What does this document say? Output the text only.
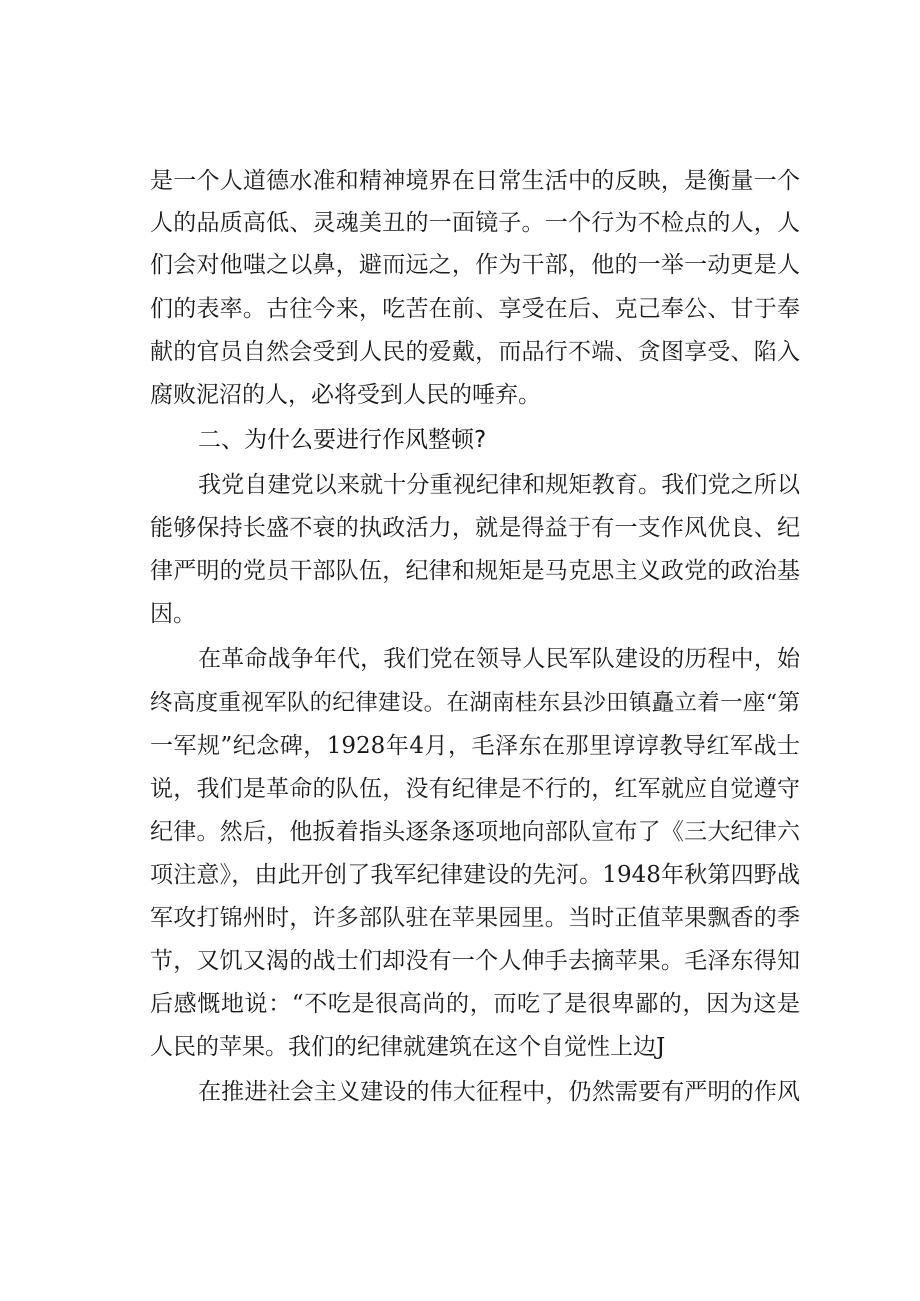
是一个人道德水准和精神境界在日常生活中的反映，是衡量一个
人的品质高低、灵魂美丑的一面镜子。一个行为不检点的人，人
们会对他嗤之以鼻，避而远之，作为干部，他的一举一动更是人
们的表率。古往今来，吃苦在前、享受在后、克己奉公、甘于奉
献的官员自然会受到人民的爱戴，而品行不端、贪图享受、陷入
腐败泥沼的人，必将受到人民的唾弃。
二、为什么要进行作风整顿?
我党自建党以来就十分重视纪律和规矩教育。我们党之所以
能够保持长盛不衰的执政活力，就是得益于有一支作风优良、纪
律严明的党员干部队伍，纪律和规矩是马克思主义政党的政治基
因。
在革命战争年代，我们党在领导人民军队建设的历程中，始
终高度重视军队的纪律建设。在湖南桂东县沙田镇矗立着一座“第
一军规”纪念碑，1928年4月，毛泽东在那里谆谆教导红军战士
说，我们是革命的队伍，没有纪律是不行的，红军就应自觉遵守
纪律。然后，他扳着指头逐条逐项地向部队宣布了《三大纪律六
项注意》，由此开创了我军纪律建设的先河。1948年秋第四野战
军攻打锦州时，许多部队驻在苹果园里。当时正值苹果飘香的季
节，又饥又渴的战士们却没有一个人伸手去摘苹果。毛泽东得知
后感慨地说：“不吃是很高尚的，而吃了是很卑鄙的，因为这是
人民的苹果。我们的纪律就建筑在这个自觉性上边J
在推进社会主义建设的伟大征程中，仍然需要有严明的作风
